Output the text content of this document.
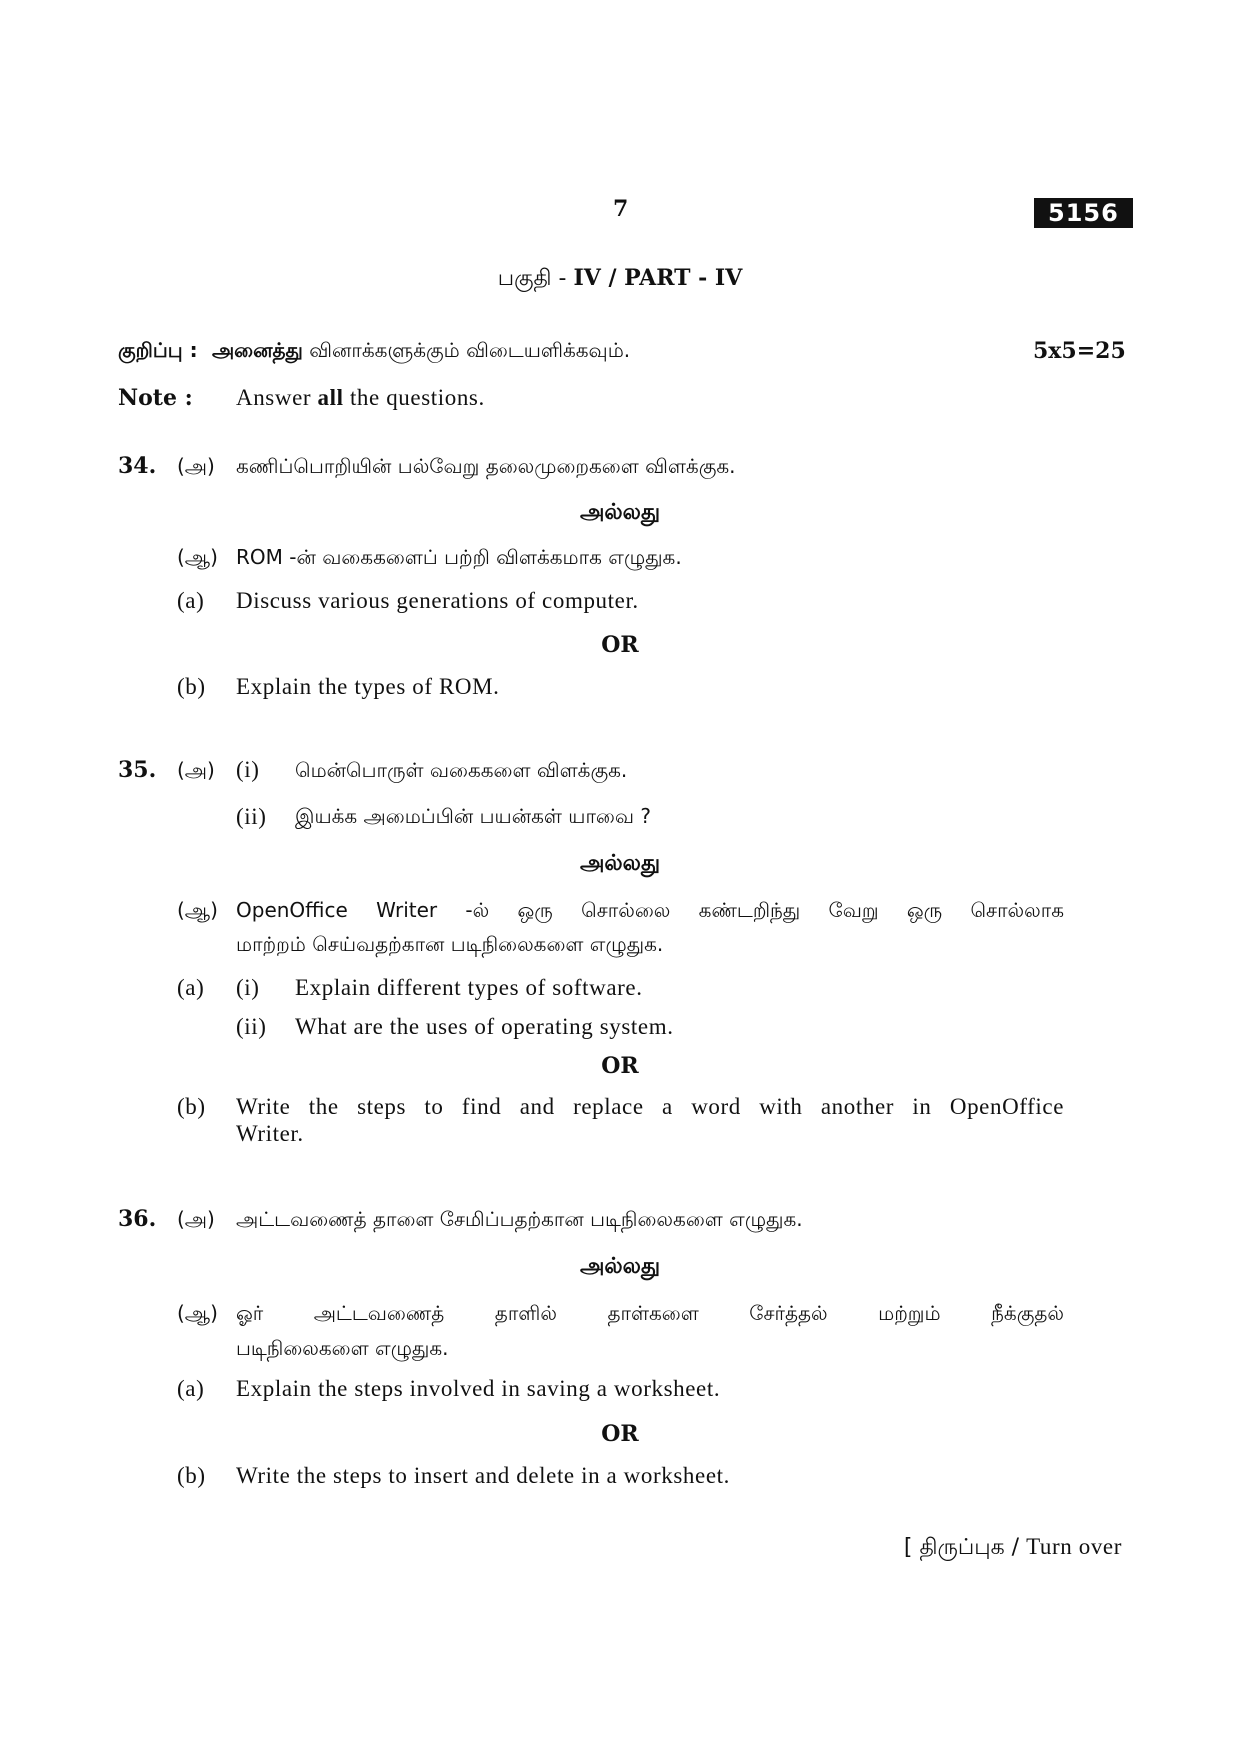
7	5156
பகுதி - IV / PART - IV
குறிப்பு : அனைத்து வினாக்களுக்கும் விடையளிக்கவும்.	5x5=25
Note : Answer all the questions.
34. (அ) கணிப்பொறியின் பல்வேறு தலைமுறைகளை விளக்குக.
அல்லது
(ஆ) ROM -ன் வகைகளைப் பற்றி விளக்கமாக எழுதுக.
(a) Discuss various generations of computer.
OR
(b) Explain the types of ROM.
35. (அ) (i) மென்பொருள் வகைகளை விளக்குக.
(ii) இயக்க அமைப்பின் பயன்கள் யாவை ?
அல்லது
(ஆ) OpenOffice Writer -ல் ஒரு சொல்லை கண்டறிந்து வேறு ஒரு சொல்லாக
மாற்றம் செய்வதற்கான படிநிலைகளை எழுதுக.
(a) (i) Explain different types of software.
(ii) What are the uses of operating system.
OR
(b) Write the steps to find and replace a word with another in OpenOffice
Writer.
36. (அ) அட்டவணைத் தாளை சேமிப்பதற்கான படிநிலைகளை எழுதுக.
அல்லது
(ஆ) ஓர் அட்டவணைத் தாளில் தாள்களை சேர்த்தல் மற்றும் நீக்குதல்
படிநிலைகளை எழுதுக.
(a) Explain the steps involved in saving a worksheet.
OR
(b) Write the steps to insert and delete in a worksheet.
[ திருப்புக / Turn over
